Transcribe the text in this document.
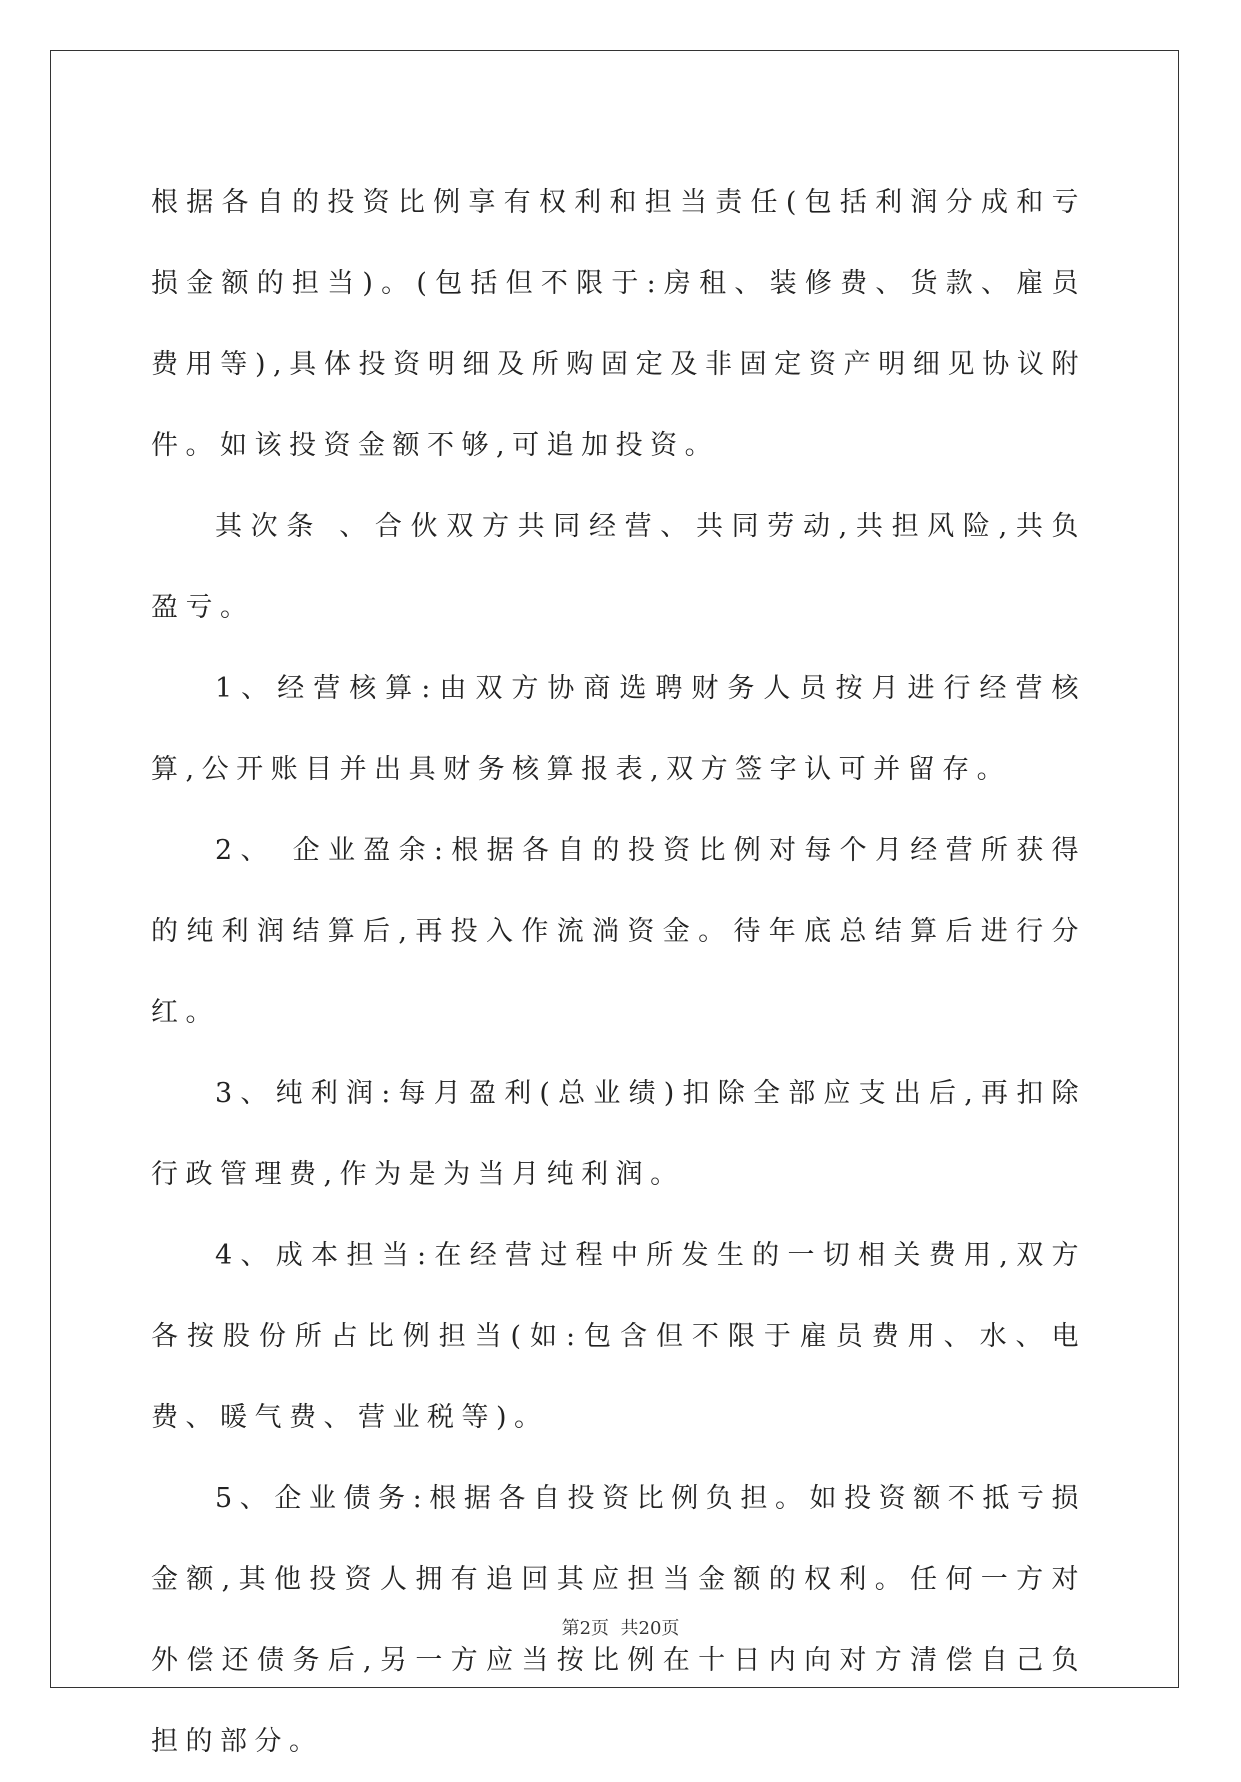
根据各自的投资比例享有权利和担当责任(包括利润分成和亏损金额的担当)。(包括但不限于:房租、装修费、货款、雇员费用等),具体投资明细及所购固定及非固定资产明细见协议附件。如该投资金额不够,可追加投资。

其次条 、合伙双方共同经营、共同劳动,共担风险,共负盈亏。

1、经营核算:由双方协商选聘财务人员按月进行经营核算,公开账目并出具财务核算报表,双方签字认可并留存。

2、 企业盈余:根据各自的投资比例对每个月经营所获得的纯利润结算后,再投入作流淌资金。待年底总结算后进行分红。

3、纯利润:每月盈利(总业绩)扣除全部应支出后,再扣除行政管理费,作为是为当月纯利润。

4、成本担当:在经营过程中所发生的一切相关费用,双方各按股份所占比例担当(如:包含但不限于雇员费用、水、电费、暖气费、营业税等)。

5、企业债务:根据各自投资比例负担。如投资额不抵亏损金额,其他投资人拥有追回其应担当金额的权利。任何一方对外偿还债务后,另一方应当按比例在十日内向对方清偿自己负担的部分。

第2页  共20页
